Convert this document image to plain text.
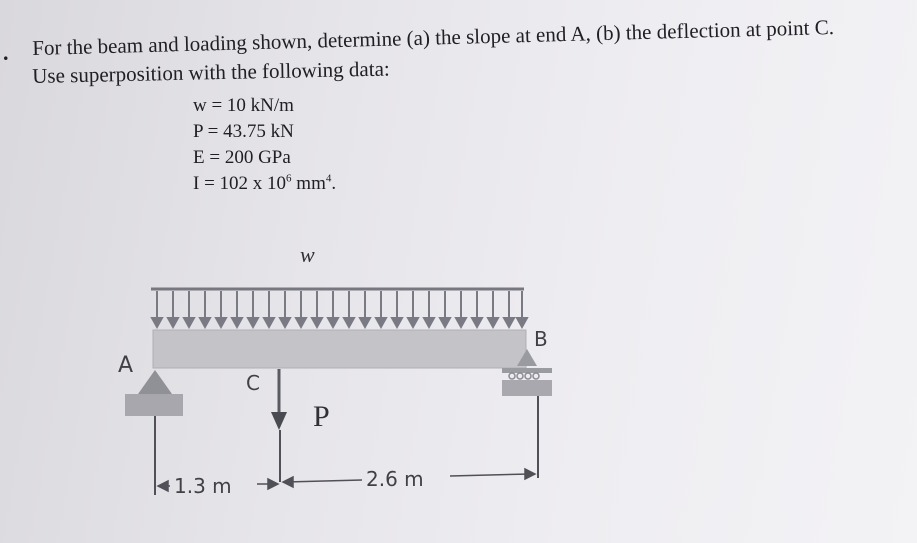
. For the beam and loading shown, determine (a) the slope at end A, (b) the deflection at point C.
Use superposition with the following data:
w = 10 kN/m
P = 43.75 kN
E = 200 GPa
I = 102 x $10^6$ $mm^4$.
w
A
B
C
P
1.3 m	2.6 m
